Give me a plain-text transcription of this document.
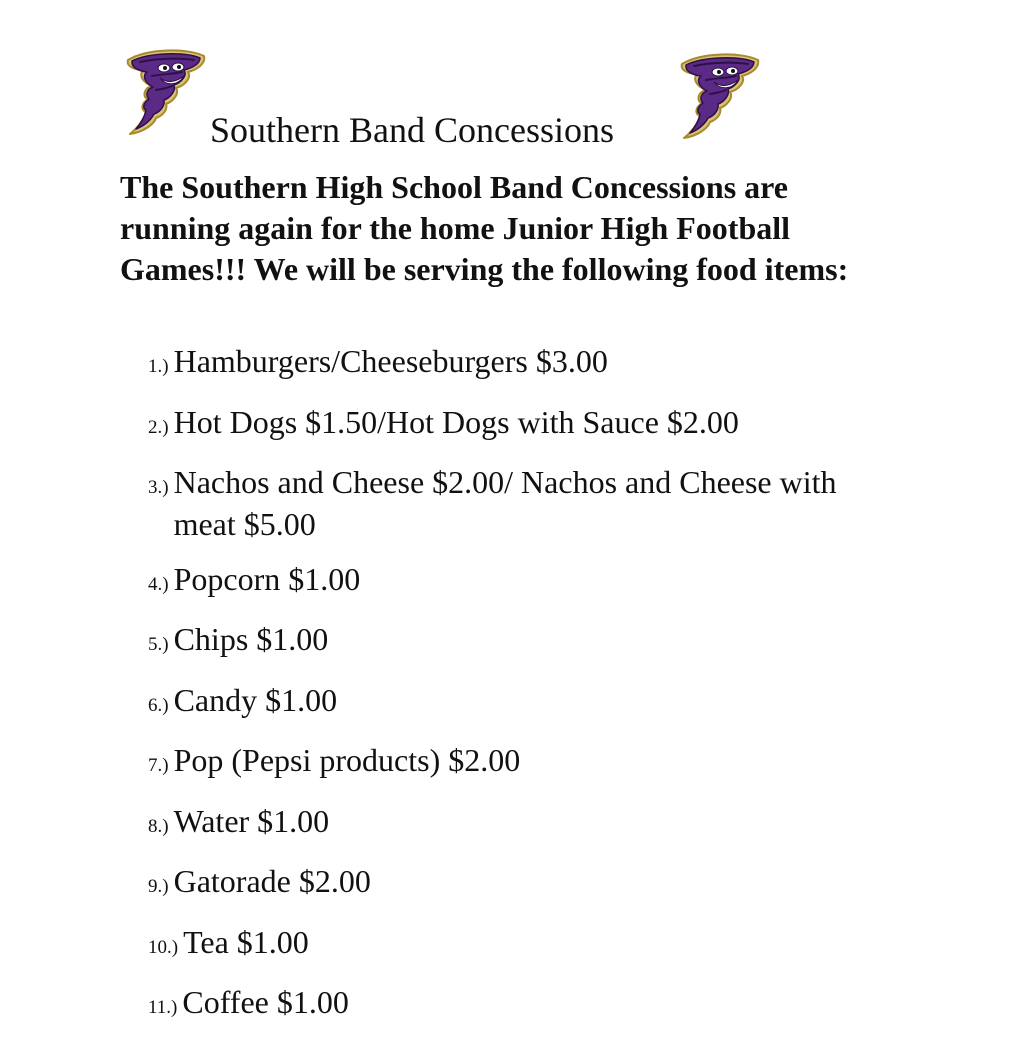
Southern Band Concessions
The Southern High School Band Concessions are running again for the home Junior High Football Games!!! We will be serving the following food items:
1.) Hamburgers/Cheeseburgers $3.00
2.) Hot Dogs $1.50/Hot Dogs with Sauce $2.00
3.) Nachos and Cheese $2.00/ Nachos and Cheese with meat $5.00
4.) Popcorn $1.00
5.) Chips $1.00
6.) Candy $1.00
7.) Pop (Pepsi products) $2.00
8.) Water $1.00
9.) Gatorade $2.00
10.) Tea $1.00
11.) Coffee $1.00
